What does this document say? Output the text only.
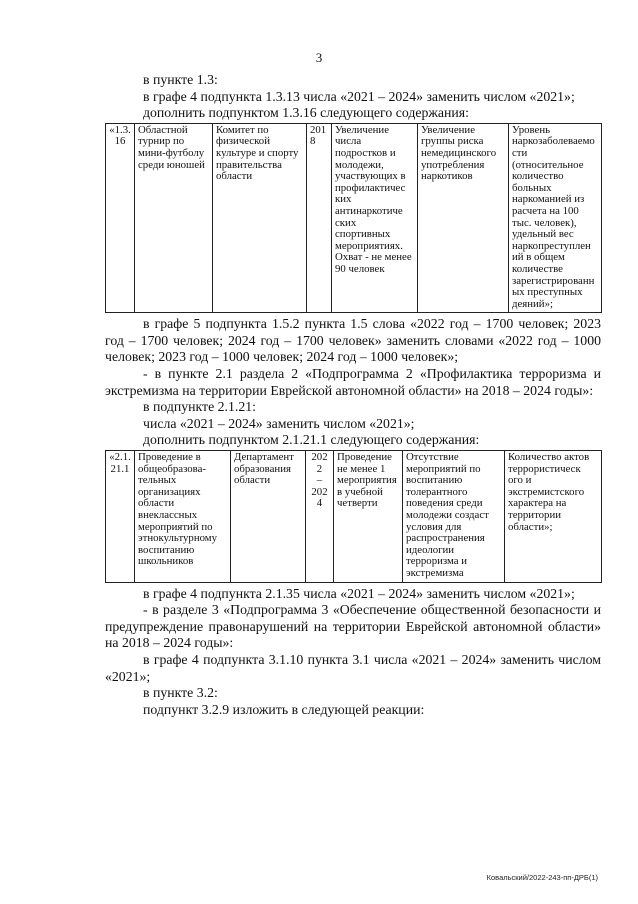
3

в пункте 1.3:

в графе 4 подпункта 1.3.13 числа «2021 – 2024» заменить числом «2021»;

дополнить подпунктом 1.3.16 следующего содержания:

«1.3.
16	Областной турнир по мини-футболу среди юношей	Комитет по физической культуре и спорту правительства области	2018	Увеличение числа подростков и молодежи, участвующих в профилактичес ких антинаркотиче ских спортивных мероприятиях. Охват - не менее 90 человек	Увеличение группы риска немедицинского употребления наркотиков	Уровень наркозаболеваемо сти (относительное количество больных наркоманией из расчета на 100 тыс. человек), удельный вес наркопреступлен ий в общем количестве зарегистрированн ых преступных деяний»;

в графе 5 подпункта 1.5.2 пункта 1.5 слова «2022 год – 1700 человек; 2023 год – 1700 человек; 2024 год – 1700 человек» заменить словами «2022 год – 1000 человек; 2023 год – 1000 человек; 2024 год – 1000 человек»;

- в пункте 2.1 раздела 2 «Подпрограмма 2 «Профилактика терроризма и экстремизма на территории Еврейской автономной области» на 2018 – 2024 годы»:

в подпункте 2.1.21:

числа «2021 – 2024» заменить числом «2021»;

дополнить подпунктом 2.1.21.1 следующего содержания:

«2.1.
21.1	Проведение в общеобразова-тельных организациях области внеклассных мероприятий по этнокультурному воспитанию школьников	Департамент образования области	2022
–
2024	Проведение не менее 1 мероприятия в учебной четверти	Отсутствие мероприятий по воспитанию толерантного поведения среди молодежи создаст условия для распространения идеологии терроризма и экстремизма	Количество актов террористическ ого и экстремистского характера на территории области»;

в графе 4 подпункта 2.1.35 числа «2021 – 2024» заменить числом «2021»;

- в разделе 3 «Подпрограмма 3 «Обеспечение общественной безопасности и предупреждение правонарушений на территории Еврейской автономной области» на 2018 – 2024 годы»:

в графе 4 подпункта 3.1.10 пункта 3.1 числа «2021 – 2024» заменить числом «2021»;

в пункте 3.2:

подпункт 3.2.9 изложить в следующей реакции:

Ковальский/2022-243-пп-ДРБ(1)
